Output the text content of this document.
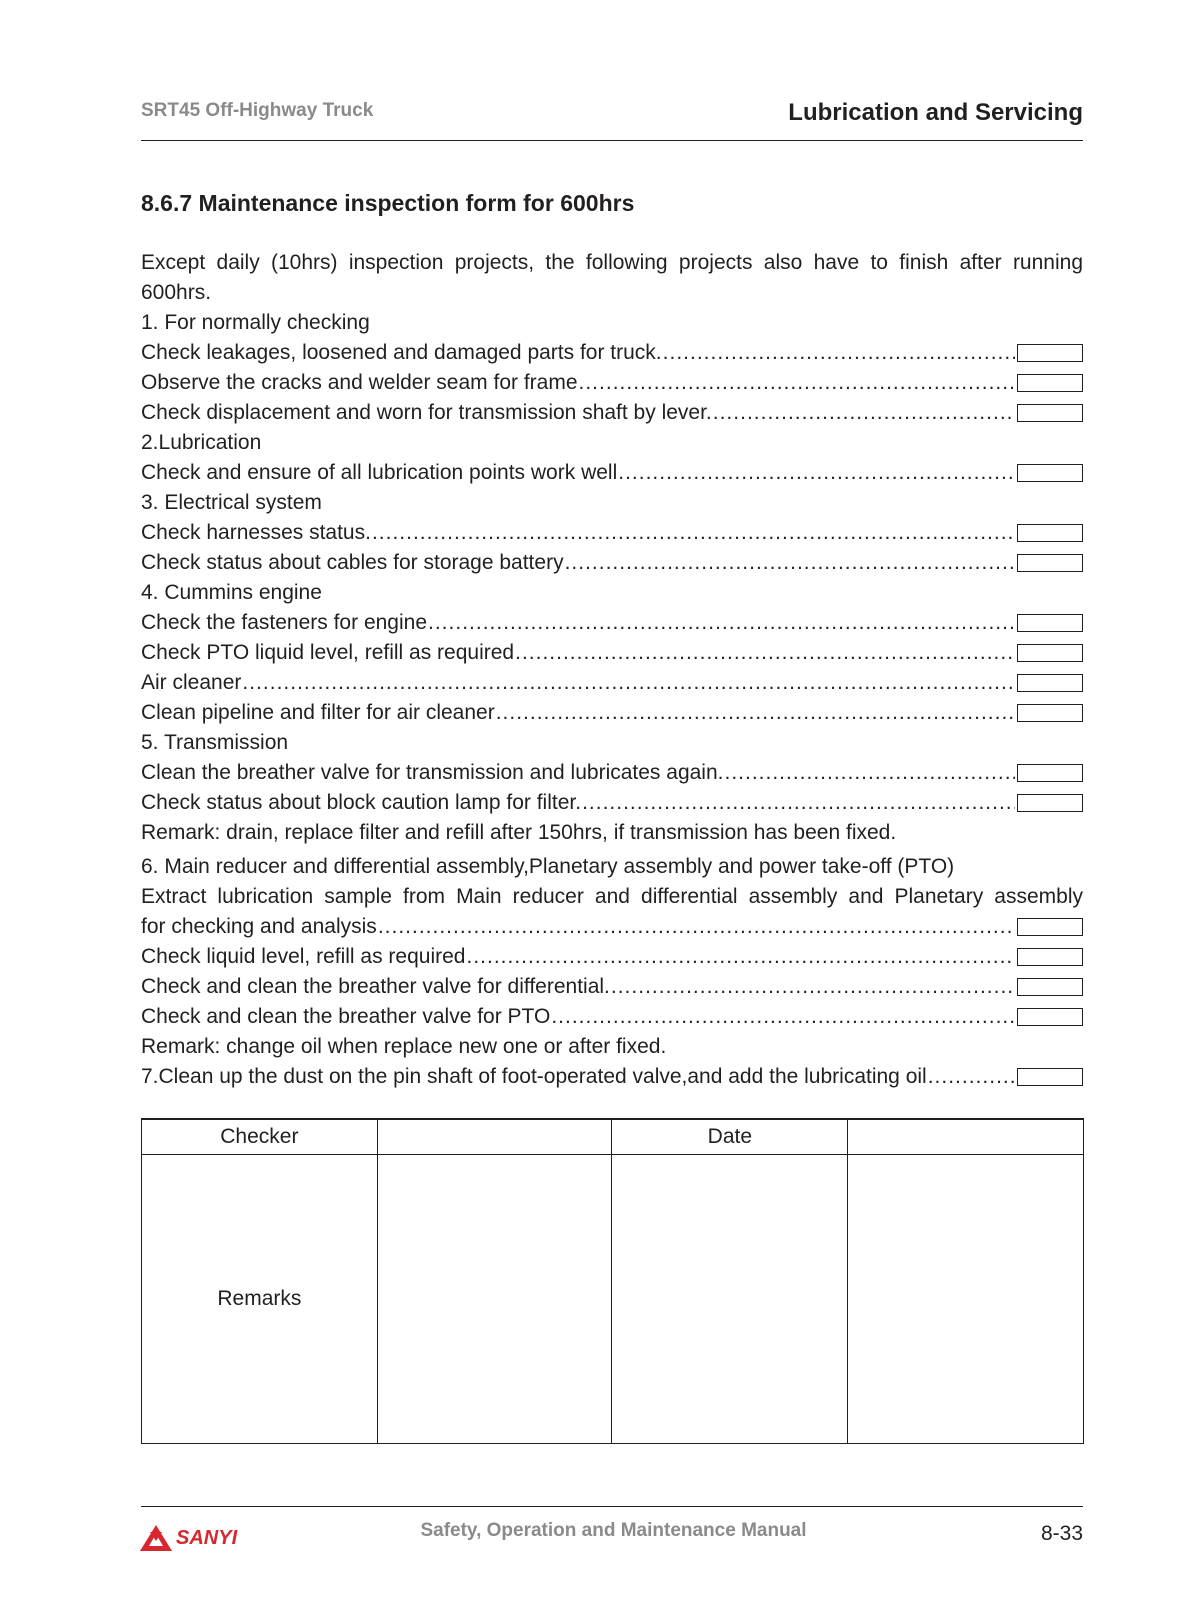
SRT45 Off-Highway Truck	Lubrication and Servicing
8.6.7 Maintenance inspection form for 600hrs
Except daily (10hrs) inspection projects, the following projects also have to finish after running 600hrs.
1. For normally checking
Check leakages, loosened and damaged parts for truck.
.....
Observe the cracks and welder seam for frame
.....
Check displacement and worn for transmission shaft by lever.
.....
2.Lubrication
Check and ensure of all lubrication points work well
.....
3. Electrical system
Check harnesses status.
.....
Check status about cables for storage battery
.....
4. Cummins engine
Check the fasteners for engine
.....
Check PTO liquid level, refill as required
.....
Air cleaner
.....
Clean pipeline and filter for air cleaner
.....
5. Transmission
Clean the breather valve for transmission and lubricates again.
.....
Check status about block caution lamp for filter.
.....
Remark: drain, replace filter and refill after 150hrs, if transmission has been fixed.
6. Main reducer and differential assembly,Planetary assembly and power take-off (PTO)
Extract lubrication sample from Main reducer and differential assembly and Planetary assembly
for checking and analysis
.....
Check liquid level, refill as required
.....
Check and clean the breather valve for differential.
.....
Check and clean the breather valve for PTO
.....
Remark: change oil when replace new one or after fixed.
7.Clean up the dust on the pin shaft of foot-operated valve,and add the lubricating oil
.....
Checker		Date	
Remarks			
SANYI	Safety, Operation and Maintenance Manual	8-33
